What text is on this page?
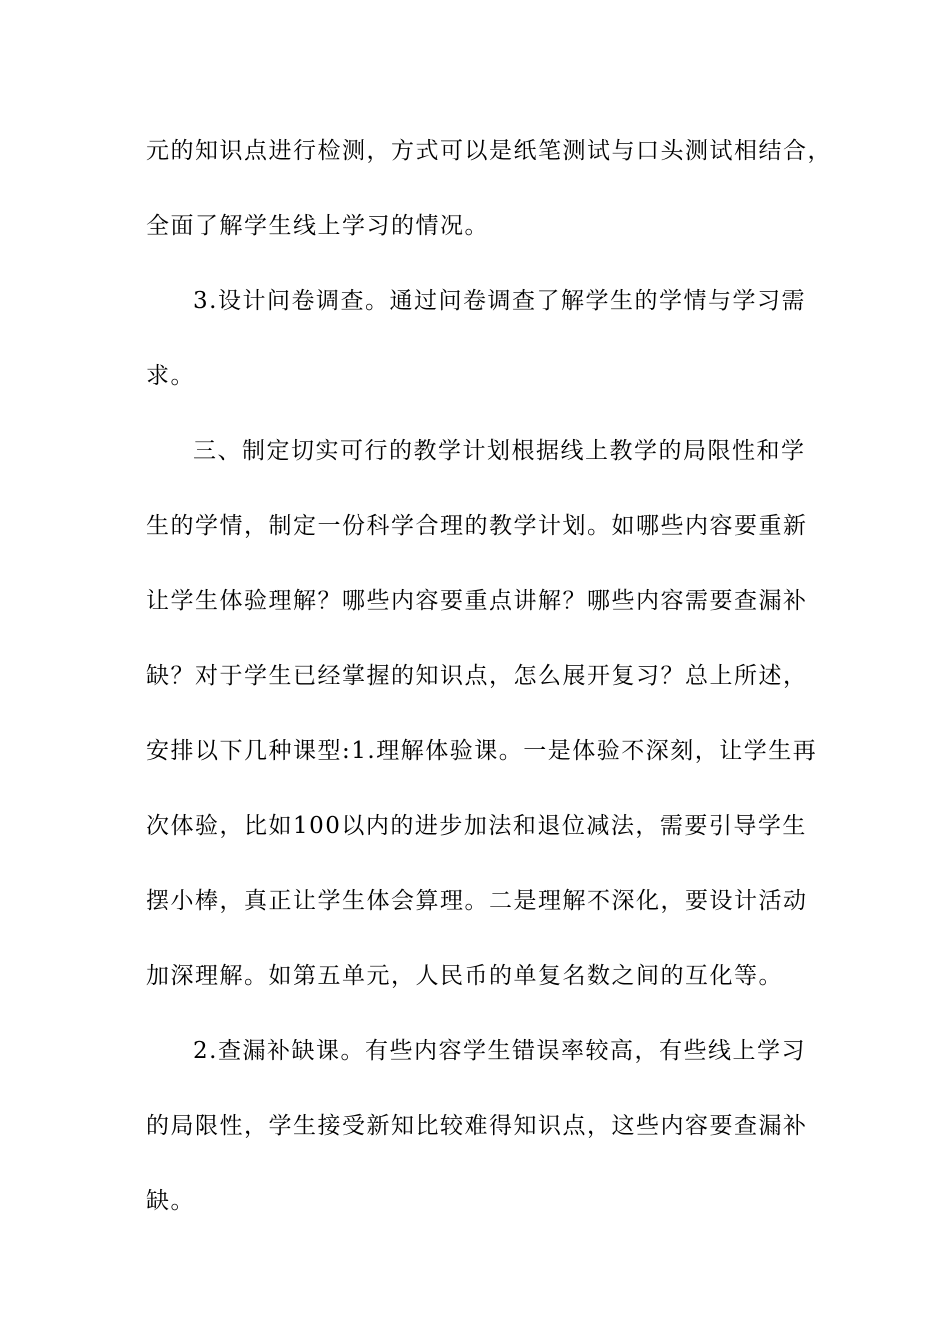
元的知识点进行检测，方式可以是纸笔测试与口头测试相结合，
全面了解学生线上学习的情况。
3.设计问卷调查。通过问卷调查了解学生的学情与学习需
求。
三、制定切实可行的教学计划根据线上教学的局限性和学
生的学情，制定一份科学合理的教学计划。如哪些内容要重新
让学生体验理解？哪些内容要重点讲解？哪些内容需要查漏补
缺？对于学生已经掌握的知识点，怎么展开复习？总上所述，
安排以下几种课型:1.理解体验课。一是体验不深刻，让学生再
次体验，比如100以内的进步加法和退位减法，需要引导学生
摆小棒，真正让学生体会算理。二是理解不深化，要设计活动
加深理解。如第五单元，人民币的单复名数之间的互化等。
2.查漏补缺课。有些内容学生错误率较高，有些线上学习
的局限性，学生接受新知比较难得知识点，这些内容要查漏补
缺。
